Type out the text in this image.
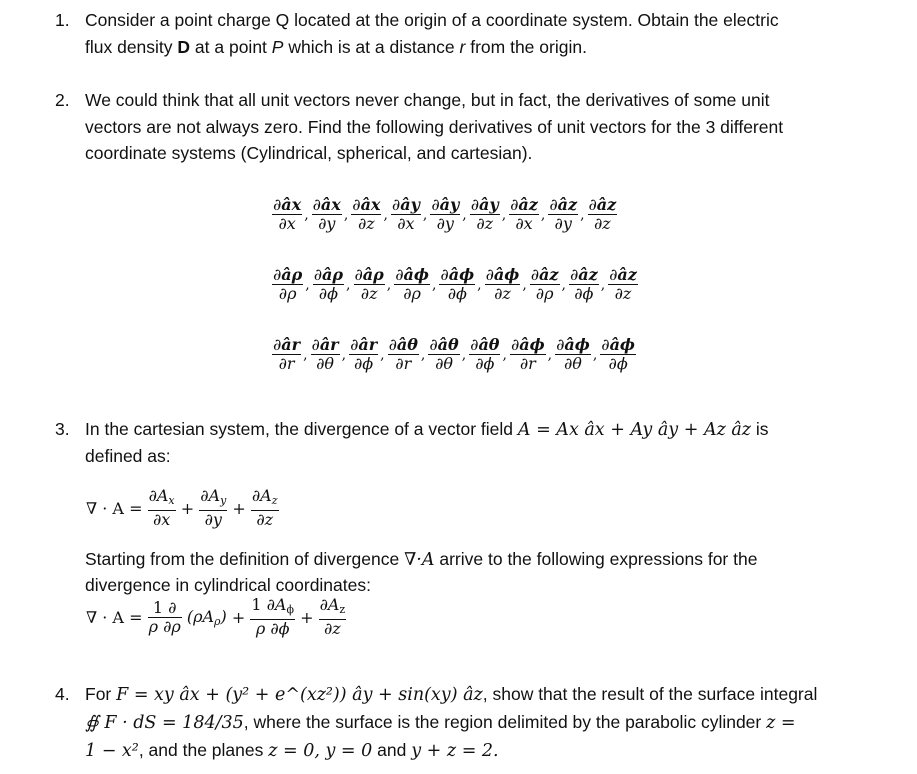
1. Consider a point charge Q located at the origin of a coordinate system. Obtain the electric
flux density D at a point P which is at a distance r from the origin.
2. We could think that all unit vectors never change, but in fact, the derivatives of some unit
vectors are not always zero. Find the following derivatives of unit vectors for the 3 different
coordinate systems (Cylindrical, spherical, and cartesian).
$\frac{\partial âx}{\partial x}$ , $\frac{\partial âx}{\partial y}$ , $\frac{\partial âx}{\partial z}$ , $\frac{\partial ây}{\partial x}$ , $\frac{\partial ây}{\partial y}$ , $\frac{\partial ây}{\partial z}$ , $\frac{\partial âz}{\partial x}$ , $\frac{\partial âz}{\partial y}$ , $\frac{\partial âz}{\partial z}$
$\frac{\partial â\rho}{\partial\rho}$ , $\frac{\partial â\rho}{\partial\phi}$ , $\frac{\partial â\rho}{\partial z}$ , $\frac{\partial â\phi}{\partial\rho}$ , $\frac{\partial â\phi}{\partial\phi}$ , $\frac{\partial â\phi}{\partial z}$ , $\frac{\partial âz}{\partial\rho}$ , $\frac{\partial âz}{\partial\phi}$ , $\frac{\partial âz}{\partial z}$
$\frac{\partial âr}{\partial r}$ , $\frac{\partial âr}{\partial\theta}$ , $\frac{\partial âr}{\partial\phi}$ , $\frac{\partial â\theta}{\partial r}$ , $\frac{\partial â\theta}{\partial\theta}$ , $\frac{\partial â\theta}{\partial\phi}$ , $\frac{\partial â\phi}{\partial r}$ , $\frac{\partial â\phi}{\partial\theta}$ , $\frac{\partial â\phi}{\partial\phi}$
3. In the cartesian system, the divergence of a vector field A = Ax âx + Ay ây + Az âz is
defined as:
∇ · $A = \frac{\partial A_x}{\partial x} + \frac{\partial A_y}{\partial y} + \frac{\partial A_z}{\partial z}$
Starting from the definition of divergence ∇·A arrive to the following expressions for the
divergence in cylindrical coordinates:
∇ · $A = \frac{1 \partial}{\rho \partial\rho} (\rho A_\rho) + \frac{1 \partial A_\phi}{\rho \partial\phi} + \frac{\partial A_z}{\partial z}$
4. For F = xy âx + (y² + e^(xz²)) ây + sin(xy) âz, show that the result of the surface integral
∯ F · dS = 184/35, where the surface is the region delimited by the parabolic cylinder z =
1 − x², and the planes z = 0, y = 0 and y + z = 2.
